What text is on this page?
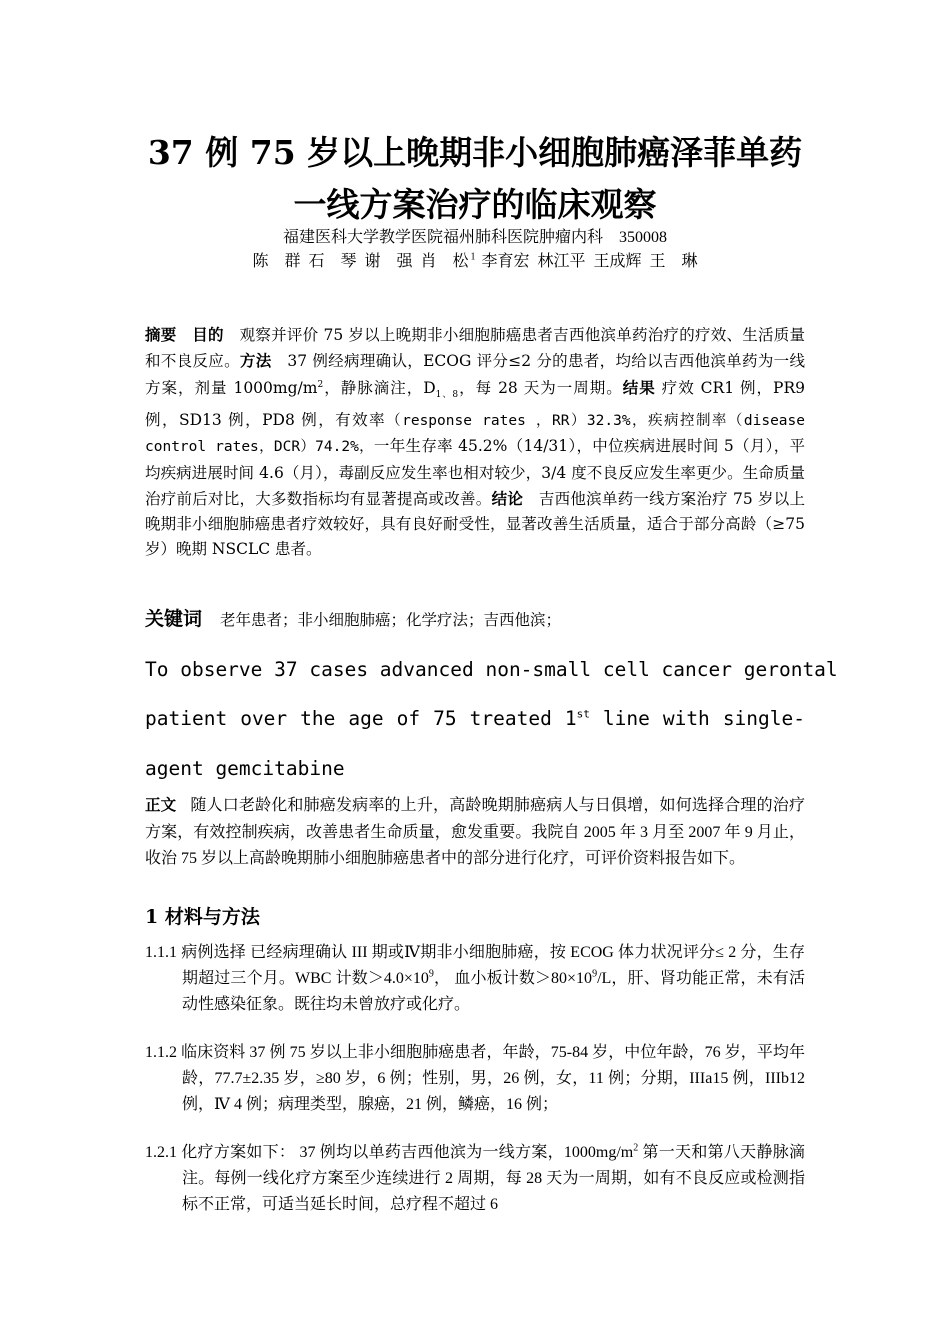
37 例 75 岁以上晚期非小细胞肺癌泽菲单药
一线方案治疗的临床观察
福建医科大学教学医院福州肺科医院肿瘤内科　350008
陈　群 石　琴 谢　强 肖　松 $^1$ 李育宏 林江平 王成辉 王　琳
摘要　 目的　 观察并评价 75 岁以上晚期非小细胞肺癌患者吉西他滨单药治疗的疗效、生活质量和不良反应。方法　 37 例经病理确认，ECOG 评分≤2 分的患者，均给以吉西他滨单药为一线方案，剂量 $1000mg/m^2$，静脉滴注，$D_{1、8}$，每 28 天为一周期。结果 疗效 CR1 例，PR9 例，SD13 例，PD8 例，有效率（response rates ，RR）32.3%，疾病控制率（disease control rates，DCR）74.2%，一年生存率 45.2%（14/31），中位疾病进展时间 5（月），平均疾病进展时间 4.6（月），毒副反应发生率也相对较少，3/4 度不良反应发生率更少。生命质量治疗前后对比，大多数指标均有显著提高或改善。结论　 吉西他滨单药一线方案治疗 75 岁以上晚期非小细胞肺癌患者疗效较好，具有良好耐受性，显著改善生活质量，适合于部分高龄（≥75 岁）晚期 NSCLC 患者。
关键词 老年患者；非小细胞肺癌；化学疗法；吉西他滨；
To observe 37 cases advanced non-small cell cancer gerontal
patient over the age of 75 treated 1st line with single-
agent gemcitabine
正文 随人口老龄化和肺癌发病率的上升，高龄晚期肺癌病人与日俱增，如何选择合理的治疗方案，有效控制疾病，改善患者生命质量，愈发重要。我院自 2005 年 3 月至 2007 年 9 月止，收治 75 岁以上高龄晚期肺小细胞肺癌患者中的部分进行化疗，可评价资料报告如下。
1 材料与方法
1.1.1 病例选择 已经病理确认 III 期或Ⅳ期非小细胞肺癌，按 ECOG 体力状况评分≤ 2 分，生存期超过三个月。WBC 计数$>4.0\times 10^9$， 血小板计数$>80\times 10^9/L$，肝、肾功能正常，未有活动性感染征象。既往均未曾放疗或化疗。
1.1.2 临床资料 37 例 75 岁以上非小细胞肺癌患者，年龄，75-84 岁，中位年龄，76 岁，平均年龄，77.7±2.35 岁，≥80 岁，6 例；性别，男，26 例，女，11 例；分期，IIIa15 例，IIIb12 例，Ⅳ 4 例；病理类型，腺癌，21 例，鳞癌，16 例；
1.2.1 化疗方案如下： 37 例均以单药吉西他滨为一线方案，$1000mg/m^2$ 第一天和第八天静脉滴注。每例一线化疗方案至少连续进行 2 周期，每 28 天为一周期，如有不良反应或检测指标不正常，可适当延长时间，总疗程不超过 6
